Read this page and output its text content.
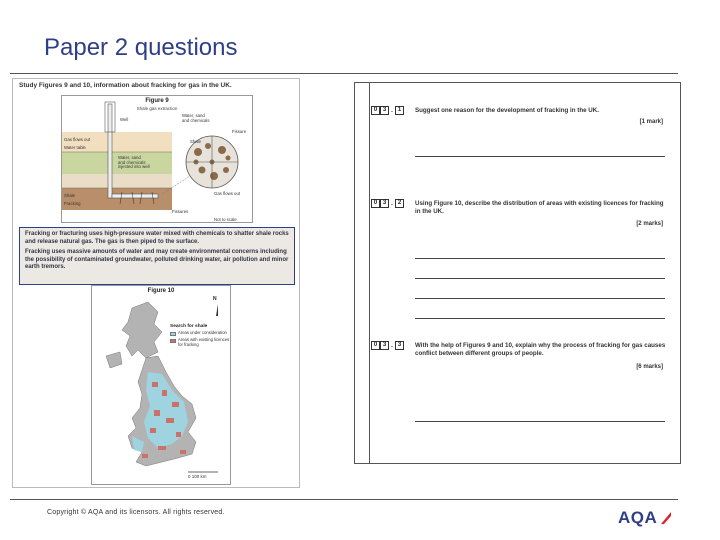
Paper 2 questions
Study Figures 9 and 10, information about fracking for gas in the UK.
Figure 9
Shale gas extraction
Well
Water, sand
and chemicals
Gas flows out
Water table
Water, sand
and chemicals
injected into well
Shale
Fracking
Fissure
Shale
Gas flows out
Fissures
Not to scale

Fracking or fracturing uses high-pressure water mixed with chemicals to shatter shale rocks and release natural gas. The gas is then piped to the surface.

Fracking uses massive amounts of water and may create environmental concerns including the possibility of contaminated groundwater, polluted drinking water, air pollution and minor earth tremors.

Figure 10
N
Search for shale
Areas under consideration
Areas with existing licences for fracking
0 100 km
0 3 . 1	Suggest one reason for the development of fracking in the UK.
[1 mark]
0 3 . 2	Using Figure 10, describe the distribution of areas with existing licences for fracking in the UK.
[2 marks]
0 3 . 3	With the help of Figures 9 and 10, explain why the process of fracking for gas causes conflict between different groups of people.
[6 marks]
Copyright © AQA and its licensors. All rights reserved.	AQA
